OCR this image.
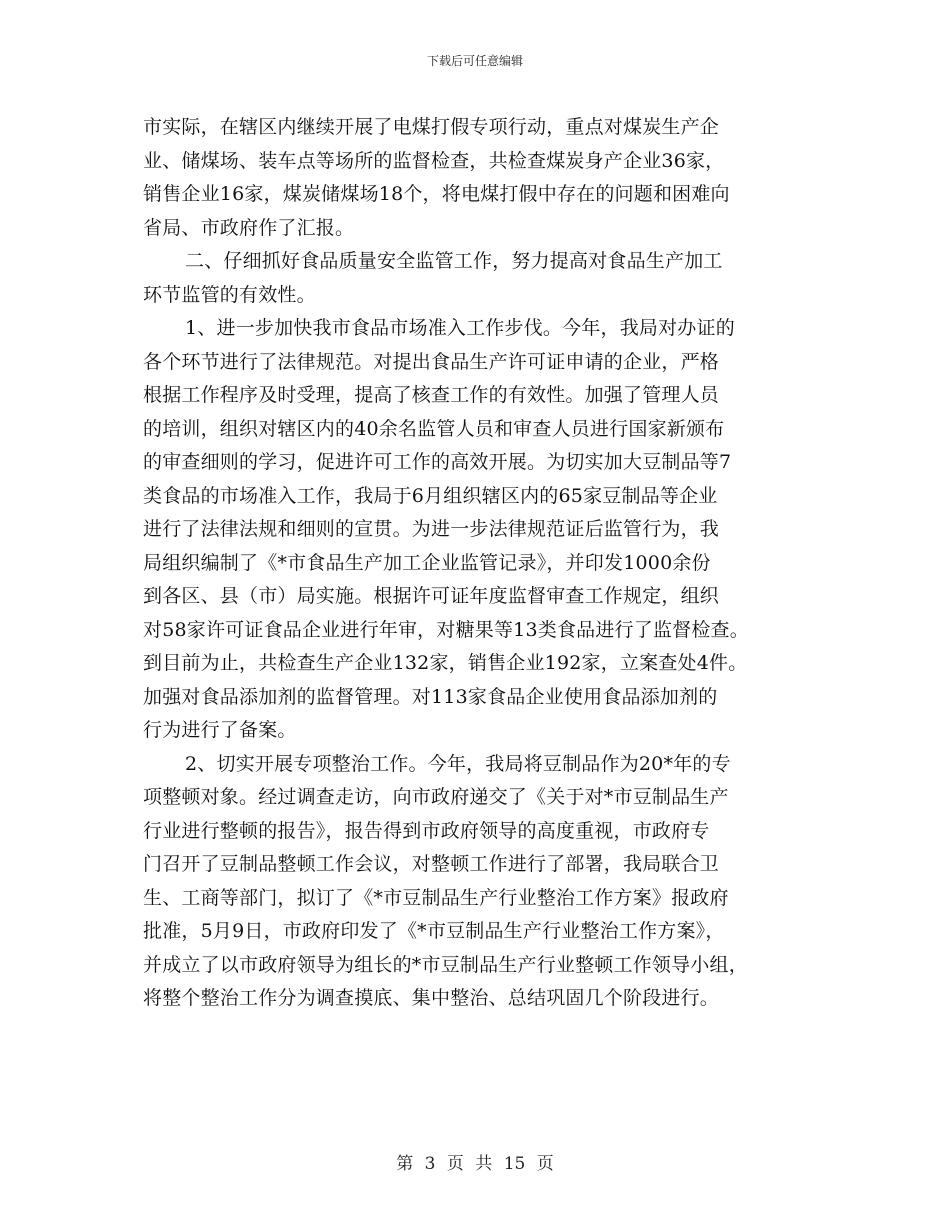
下载后可任意编辑
市实际，在辖区内继续开展了电煤打假专项行动，重点对煤炭生产企
业、储煤场、装车点等场所的监督检查，共检查煤炭身产企业36家，
销售企业16家，煤炭储煤场18个，将电煤打假中存在的问题和困难向
省局、市政府作了汇报。
二、仔细抓好食品质量安全监管工作，努力提高对食品生产加工
环节监管的有效性。
1、进一步加快我市食品市场准入工作步伐。今年，我局对办证的
各个环节进行了法律规范。对提出食品生产许可证申请的企业，严格
根据工作程序及时受理，提高了核查工作的有效性。加强了管理人员
的培训，组织对辖区内的40余名监管人员和审查人员进行国家新颁布
的审查细则的学习，促进许可工作的高效开展。为切实加大豆制品等7
类食品的市场准入工作，我局于6月组织辖区内的65家豆制品等企业
进行了法律法规和细则的宣贯。为进一步法律规范证后监管行为，我
局组织编制了《*市食品生产加工企业监管记录》，并印发1000余份
到各区、县（市）局实施。根据许可证年度监督审查工作规定，组织
对58家许可证食品企业进行年审，对糖果等13类食品进行了监督检查。
到目前为止，共检查生产企业132家，销售企业192家，立案查处4件。
加强对食品添加剂的监督管理。对113家食品企业使用食品添加剂的
行为进行了备案。
2、切实开展专项整治工作。今年，我局将豆制品作为20*年的专
项整顿对象。经过调查走访，向市政府递交了《关于对*市豆制品生产
行业进行整顿的报告》，报告得到市政府领导的高度重视，市政府专
门召开了豆制品整顿工作会议，对整顿工作进行了部署，我局联合卫
生、工商等部门，拟订了《*市豆制品生产行业整治工作方案》报政府
批准，5月9日，市政府印发了《*市豆制品生产行业整治工作方案》，
并成立了以市政府领导为组长的*市豆制品生产行业整顿工作领导小组，
将整个整治工作分为调查摸底、集中整治、总结巩固几个阶段进行。
第 3 页 共 15 页
